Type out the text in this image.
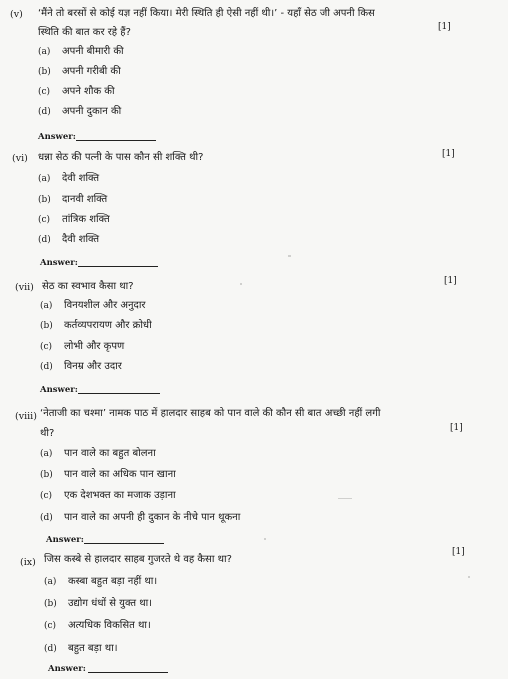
(v) ‘मैंने तो बरसों से कोई यज्ञ नहीं किया। मेरी स्थिति ही ऐसी नहीं थी।’ - यहाँ सेठ जी अपनी किस
स्थिति की बात कर रहे हैं?	[1]
(a) अपनी बीमारी की
(b) अपनी गरीबी की
(c) अपने शौक की
(d) अपनी दुकान की
Answer:
(vi) धन्ना सेठ की पत्नी के पास कौन सी शक्ति थी?	[1]
(a) देवी शक्ति
(b) दानवी शक्ति
(c) तांत्रिक शक्ति
(d) दैवी शक्ति
Answer:
(vii) सेठ का स्वभाव कैसा था?	[1]
(a) विनयशील और अनुदार
(b) कर्तव्यपरायण और क्रोधी
(c) लोभी और कृपण
(d) विनम्र और उदार
Answer:
(viii) ‘नेताजी का चश्मा’ नामक पाठ में हालदार साहब को पान वाले की कौन सी बात अच्छी नहीं लगी
थी?	[1]
(a) पान वाले का बहुत बोलना
(b) पान वाले का अधिक पान खाना
(c) एक देशभक्त का मजाक उड़ाना
(d) पान वाले का अपनी ही दुकान के नीचे पान थूकना
Answer:
(ix) जिस कस्बे से हालदार साहब गुजरते थे वह कैसा था?
[1]
(a) कस्बा बहुत बड़ा नहीं था।
(b) उद्योग धंधों से युक्त था।
(c) अत्यधिक विकसित था।
(d) बहुत बड़ा था।
Answer:
